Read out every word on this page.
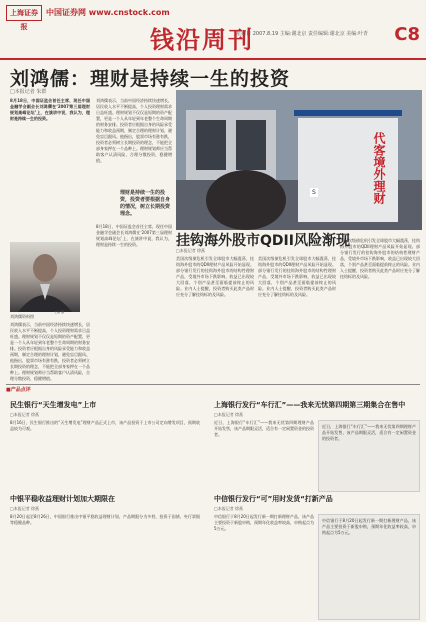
上海证券报
中国证券网 www.cnstock.com
钱沿周刊
星期日 2007.8.19 主编:谢北京 责任编辑:谢北京 美编:叶青 C8
刘鸿儒：理财是持续一生的投资
□本报记者 朱群
8月18日，中国证监会首任主席、现任中国金融学会副会长刘鸿儒在‘2007第三届理财规划高峰论坛’上，在演讲中说，我认为，理财是持续一生的投资。
刘鸿儒表示，当前中国经济持续快速增长，居民收入水平不断提高，个人投资理财需求日益旺盛。理财规划不仅仅是短期的资产配置，更是一个人从年轻到年老整个生命周期的财务安排。投资者应根据自身的风险承受能力和收益预期，制定合理的理财计划，避免盲目跟风。他指出，股票市场有涨有跌，投资者必须树立长期投资的理念，不能把全部身家押在一个品种上。理财规划师应当帮助客户认清风险，合理分散投资，稳健增值。
理财是持续一生的投资，投资者要根据自身的情况，树立长期投资理念。
史丽 摄
刘鸿儒资料图
刘鸿儒表示，当前中国经济持续快速增长，居民收入水平不断提高，个人投资理财需求日益旺盛。理财规划不仅仅是短期的资产配置，更是一个人从年轻到年老整个生命周期的财务安排。投资者应根据自身的风险承受能力和收益预期，制定合理的理财计划，避免盲目跟风。他指出，股票市场有涨有跌，投资者必须树立长期投资的理念，不能把全部身家押在一个品种上。理财规划师应当帮助客户认清风险，合理分散投资，稳健增值。
8月18日，中国证监会首任主席、现任中国金融学会副会长刘鸿儒在‘2007第三届理财规划高峰论坛’上，在演讲中说，我认为，理财是持续一生的投资。
代客境外理财
S
挂钩海外股市QDII风险渐现
□本报记者 徐燕
美国次级债危机引发全球股市大幅震荡，挂钩海外股市的QDII理财产品风险开始显现。部分银行发行的挂钩海外股市的结构性理财产品，受境外市场下跌影响，收益已出现较大回落，个别产品甚至面临提前终止的风险。业内人士提醒，投资者购买此类产品时应充分了解挂钩标的及风险。
美国次级债危机引发全球股市大幅震荡，挂钩海外股市的QDII理财产品风险开始显现。部分银行发行的挂钩海外股市的结构性理财产品，受境外市场下跌影响，收益已出现较大回落，个别产品甚至面临提前终止的风险。业内人士提醒，投资者购买此类产品时应充分了解挂钩标的及风险。
美国次级债危机引发全球股市大幅震荡，挂钩海外股市的QDII理财产品风险开始显现。部分银行发行的挂钩海外股市的结构性理财产品，受境外市场下跌影响，收益已出现较大回落，个别产品甚至面临提前终止的风险。业内人士提醒，投资者购买此类产品时应充分了解挂钩标的及风险。
■产品点评
民生银行“天生增发电”上市
□本报记者 徐燕
8月16日，民生银行推出的“天生增发电”理财产品正式上市，该产品投资于上市公司定向增发项目，预期收益较为可观。
上海银行发行“车行汇”——我来无忧第四期第三期集合在售中
□本报记者 徐燕
近日，上海银行“车行汇”——我来无忧第四期理财产品开始发售，该产品期限灵活，适合有一定闲置资金的投资者。
近日，上海银行“车行汇”——我来无忧第四期理财产品开始发售，该产品期限灵活，适合有一定闲置资金的投资者。
中银平稳收益理财计划加大期限在
□本报记者 徐燕
8月20日起至8月26日，中国银行推出中银平稳收益理财计划，产品期限分为多档，投资于国债、央行票据等稳健品种。
中信银行发行“可”用时发货“打新产品
□本报记者 徐燕
中信银行于8月20日起发行新一期打新理财产品，该产品主要投资于新股申购，预期年化收益率较高，申购起点为5万元。
中信银行于8月20日起发行新一期打新理财产品，该产品主要投资于新股申购，预期年化收益率较高，申购起点为5万元。
